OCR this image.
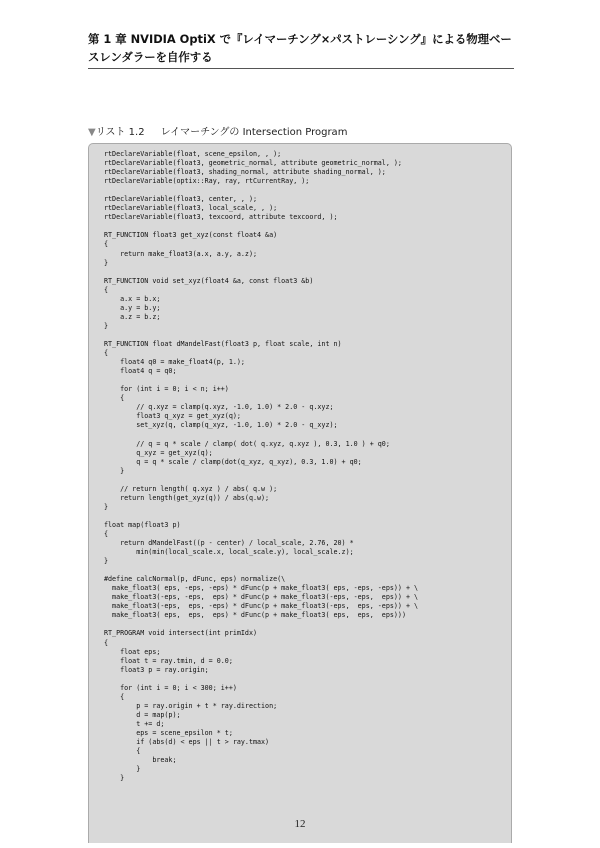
第 1 章 NVIDIA OptiX で『レイマーチング×パストレーシング』による物理ベースレンダラーを自作する
▼リスト 1.2 レイマーチングの Intersection Program
rtDeclareVariable(float, scene_epsilon, , );
rtDeclareVariable(float3, geometric_normal, attribute geometric_normal, );
rtDeclareVariable(float3, shading_normal, attribute shading_normal, );
rtDeclareVariable(optix::Ray, ray, rtCurrentRay, );

rtDeclareVariable(float3, center, , );
rtDeclareVariable(float3, local_scale, , );
rtDeclareVariable(float3, texcoord, attribute texcoord, );

RT_FUNCTION float3 get_xyz(const float4 &a)
{
return make_float3(a.x, a.y, a.z);
}

RT_FUNCTION void set_xyz(float4 &a, const float3 &b)
{
a.x = b.x;
a.y = b.y;
a.z = b.z;
}

RT_FUNCTION float dMandelFast(float3 p, float scale, int n)
{
float4 q0 = make_float4(p, 1.);
float4 q = q0;

for (int i = 0; i < n; i++)
{
// q.xyz = clamp(q.xyz, -1.0, 1.0) * 2.0 - q.xyz;
float3 q_xyz = get_xyz(q);
set_xyz(q, clamp(q_xyz, -1.0, 1.0) * 2.0 - q_xyz);

// q = q * scale / clamp( dot( q.xyz, q.xyz ), 0.3, 1.0 ) + q0;
q_xyz = get_xyz(q);
q = q * scale / clamp(dot(q_xyz, q_xyz), 0.3, 1.0) + q0;
}

// return length( q.xyz ) / abs( q.w );
return length(get_xyz(q)) / abs(q.w);
}

float map(float3 p)
{
return dMandelFast((p - center) / local_scale, 2.76, 20) *
min(min(local_scale.x, local_scale.y), local_scale.z);
}

#define calcNormal(p, dFunc, eps) normalize(\
make_float3( eps, -eps, -eps) * dFunc(p + make_float3( eps, -eps, -eps)) + \
make_float3(-eps, -eps,  eps) * dFunc(p + make_float3(-eps, -eps,  eps)) + \
make_float3(-eps,  eps, -eps) * dFunc(p + make_float3(-eps,  eps, -eps)) + \
make_float3( eps,  eps,  eps) * dFunc(p + make_float3( eps,  eps,  eps)))

RT_PROGRAM void intersect(int primIdx)
{
float eps;
float t = ray.tmin, d = 0.0;
float3 p = ray.origin;

for (int i = 0; i < 300; i++)
{
p = ray.origin + t * ray.direction;
d = map(p);
t += d;
eps = scene_epsilon * t;
if (abs(d) < eps || t > ray.tmax)
{
break;
}
}
12
